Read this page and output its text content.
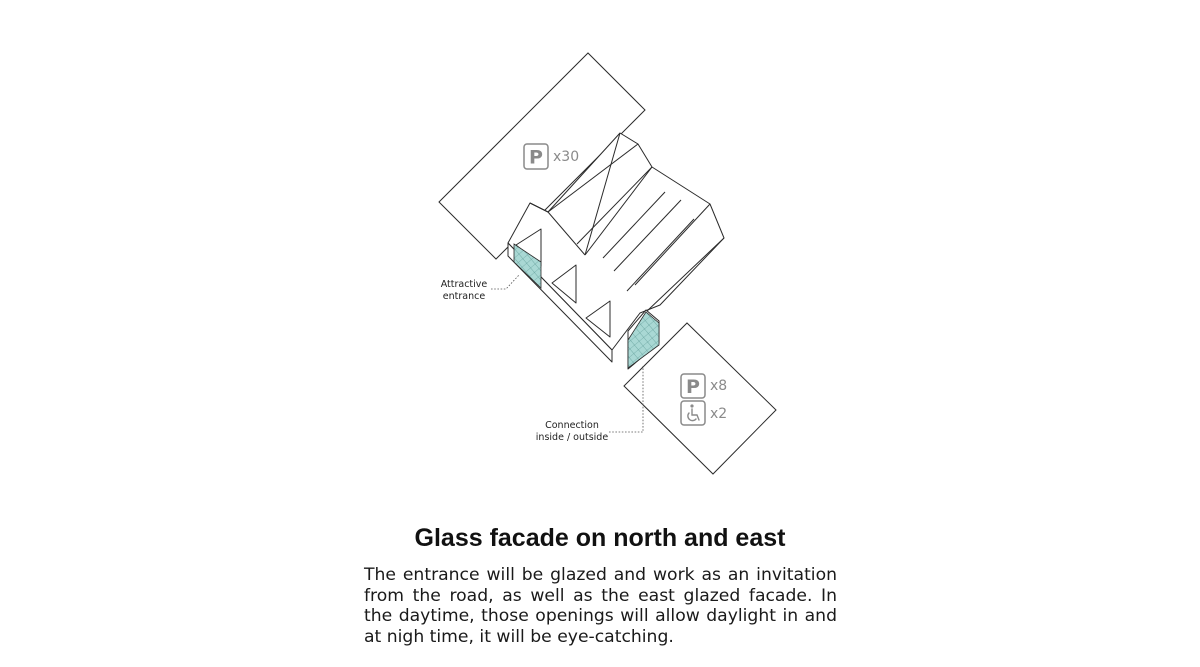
P x30
P x8
x2
Attractive
entrance
Connection
inside / outside
Glass facade on north and east

The entrance will be glazed and work as an invitation from the road, as well as the east glazed facade. In the daytime, those openings will allow daylight in and at nigh time, it will be eye-catching.
